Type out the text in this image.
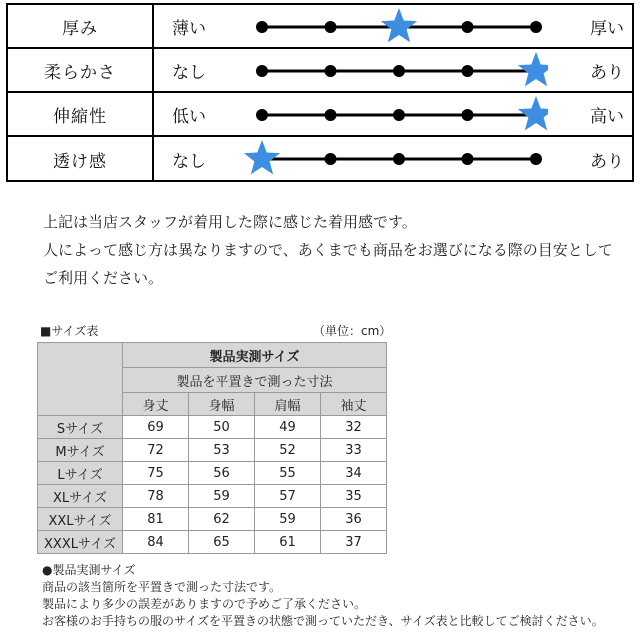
厚み	薄い	厚い
柔らかさ	なし	あり
伸縮性	低い	高い
透け感	なし	あり
上記は当店スタッフが着用した際に感じた着用感です。
人によって感じ方は異なりますので、あくまでも商品をお選びになる際の目安として
ご利用ください。
■サイズ表	（単位：cm）
	製品実測サイズ			
	製品を平置きで測った寸法			
	身丈	身幅	肩幅	袖丈
Sサイズ	69	50	49	32
Mサイズ	72	53	52	33
Lサイズ	75	56	55	34
XLサイズ	78	59	57	35
XXLサイズ	81	62	59	36
XXXLサイズ	84	65	61	37
●製品実測サイズ
商品の該当箇所を平置きで測った寸法です。
製品により多少の誤差がありますので予めご了承ください。
お客様のお手持ちの服のサイズを平置きの状態で測っていただき、サイズ表と比較してご検討ください。
